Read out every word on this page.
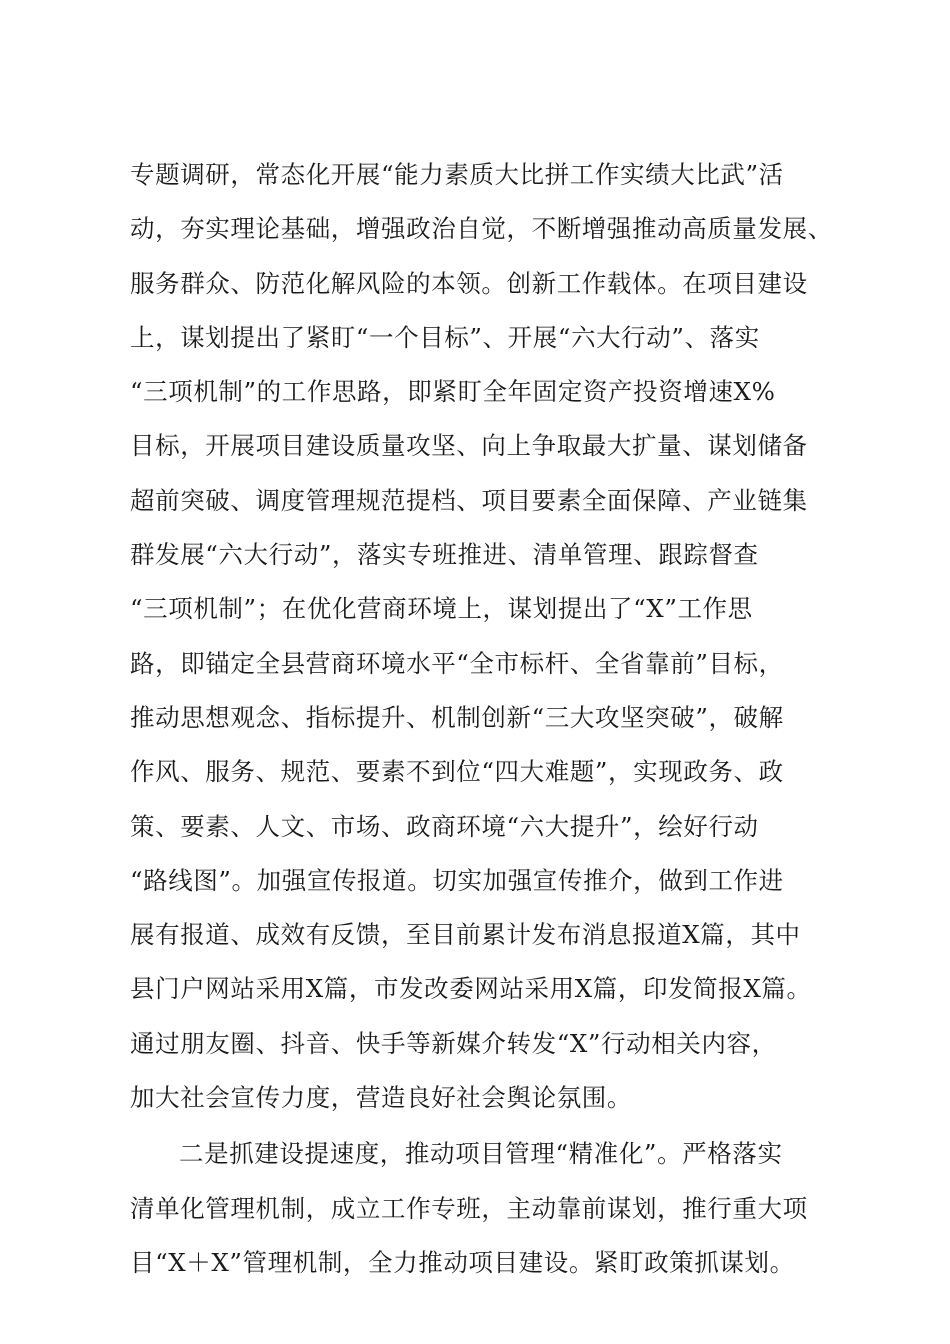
专题调研，常态化开展“能力素质大比拼工作实绩大比武”活
动，夯实理论基础，增强政治自觉，不断增强推动高质量发展、
服务群众、防范化解风险的本领。创新工作载体。在项目建设
上，谋划提出了紧盯“一个目标”、开展“六大行动”、落实
“三项机制”的工作思路，即紧盯全年固定资产投资增速X%
目标，开展项目建设质量攻坚、向上争取最大扩量、谋划储备
超前突破、调度管理规范提档、项目要素全面保障、产业链集
群发展“六大行动”，落实专班推进、清单管理、跟踪督查
“三项机制”；在优化营商环境上，谋划提出了“X”工作思
路，即锚定全县营商环境水平“全市标杆、全省靠前”目标，
推动思想观念、指标提升、机制创新“三大攻坚突破”，破解
作风、服务、规范、要素不到位“四大难题”，实现政务、政
策、要素、人文、市场、政商环境“六大提升”，绘好行动
“路线图”。加强宣传报道。切实加强宣传推介，做到工作进
展有报道、成效有反馈，至目前累计发布消息报道X篇，其中
县门户网站采用X篇，市发改委网站采用X篇，印发简报X篇。
通过朋友圈、抖音、快手等新媒介转发“X”行动相关内容，
加大社会宣传力度，营造良好社会舆论氛围。
二是抓建设提速度，推动项目管理“精准化”。严格落实
清单化管理机制，成立工作专班，主动靠前谋划，推行重大项
目“X＋X”管理机制，全力推动项目建设。紧盯政策抓谋划。
